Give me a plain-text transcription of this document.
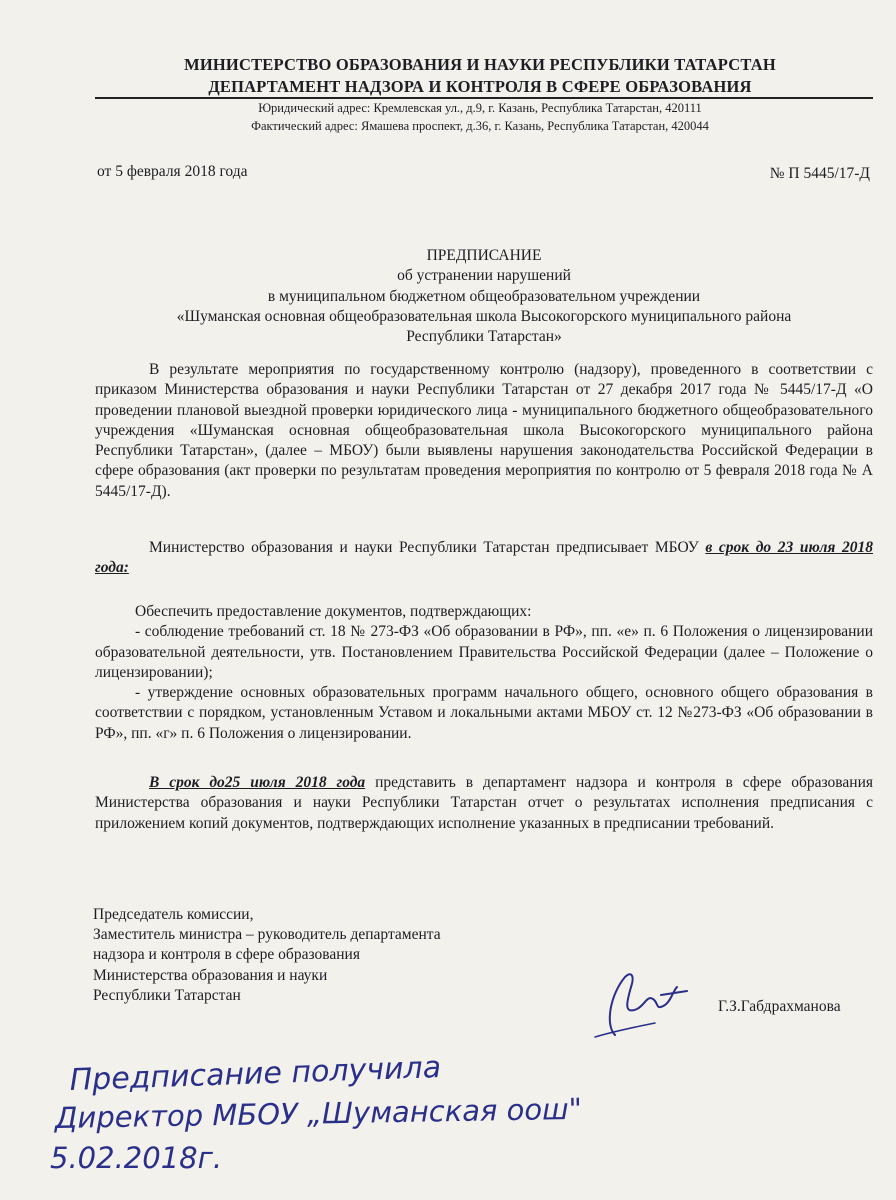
МИНИСТЕРСТВО ОБРАЗОВАНИЯ И НАУКИ РЕСПУБЛИКИ ТАТАРСТАН
ДЕПАРТАМЕНТ НАДЗОРА И КОНТРОЛЯ В СФЕРЕ ОБРАЗОВАНИЯ
Юридический адрес: Кремлевская ул., д.9, г. Казань, Республика Татарстан, 420111
Фактический адрес: Ямашева проспект, д.36, г. Казань, Республика Татарстан, 420044
от 5 февраля 2018 года	№ П 5445/17-Д
ПРЕДПИСАНИЕ
об устранении нарушений
в муниципальном бюджетном общеобразовательном учреждении
«Шуманская основная общеобразовательная школа Высокогорского муниципального района
Республики Татарстан»
В результате мероприятия по государственному контролю (надзору), проведенного в соответствии с приказом Министерства образования и науки Республики Татарстан от 27 декабря 2017 года № 5445/17-Д «О проведении плановой выездной проверки юридического лица - муниципального бюджетного общеобразовательного учреждения «Шуманская основная общеобразовательная школа Высокогорского муниципального района Республики Татарстан», (далее – МБОУ) были выявлены нарушения законодательства Российской Федерации в сфере образования (акт проверки по результатам проведения мероприятия по контролю от 5 февраля 2018 года № А 5445/17-Д).
Министерство образования и науки Республики Татарстан предписывает МБОУ в срок до 23 июля 2018 года:
Обеспечить предоставление документов, подтверждающих:
- соблюдение требований ст. 18 № 273-ФЗ «Об образовании в РФ», пп. «е» п. 6 Положения о лицензировании образовательной деятельности, утв. Постановлением Правительства Российской Федерации (далее – Положение о лицензировании);
- утверждение основных образовательных программ начального общего, основного общего образования в соответствии с порядком, установленным Уставом и локальными актами МБОУ ст. 12 №273-ФЗ «Об образовании в РФ», пп. «г» п. 6 Положения о лицензировании.
В срок до25 июля 2018 года представить в департамент надзора и контроля в сфере образования Министерства образования и науки Республики Татарстан отчет о результатах исполнения предписания с приложением копий документов, подтверждающих исполнение указанных в предписании требований.
Председатель комиссии,
Заместитель министра – руководитель департамента
надзора и контроля в сфере образования
Министерства образования и науки
Республики Татарстан
Г.З.Габдрахманова
Предписание получила
Директор МБОУ „Шуманская оош"
5.02.2018г.
